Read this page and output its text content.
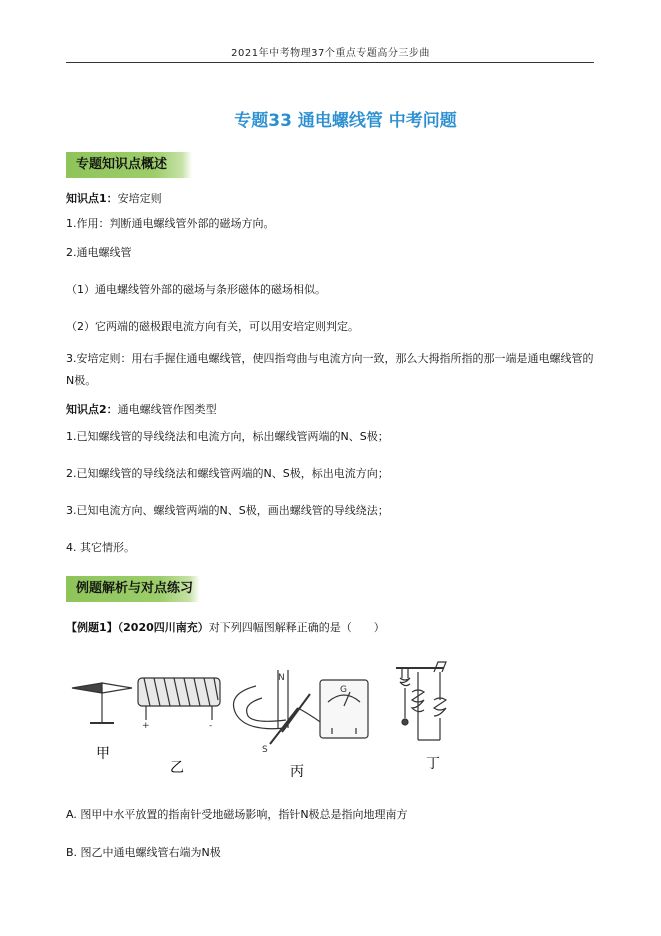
2021年中考物理37个重点专题高分三步曲
专题33 通电螺线管 中考问题
专题知识点概述
知识点1：安培定则
1.作用：判断通电螺线管外部的磁场方向。
2.通电螺线管
（1）通电螺线管外部的磁场与条形磁体的磁场相似。
（2）它两端的磁极跟电流方向有关，可以用安培定则判定。
3.安培定则：用右手握住通电螺线管，使四指弯曲与电流方向一致，那么大拇指所指的那一端是通电螺线管的N极。
知识点2：通电螺线管作图类型
1.已知螺线管的导线绕法和电流方向，标出螺线管两端的N、S极；
2.已知螺线管的导线绕法和螺线管两端的N、S极，标出电流方向；
3.已知电流方向、螺线管两端的N、S极，画出螺线管的导线绕法；
4. 其它情形。
例题解析与对点练习
【例题1】（2020四川南充）对下列四幅图解释正确的是（　　）
甲
+	-
乙
N
S
G
丙	丁
A. 图甲中水平放置的指南针受地磁场影响，指针N极总是指向地理南方
B. 图乙中通电螺线管右端为N极
